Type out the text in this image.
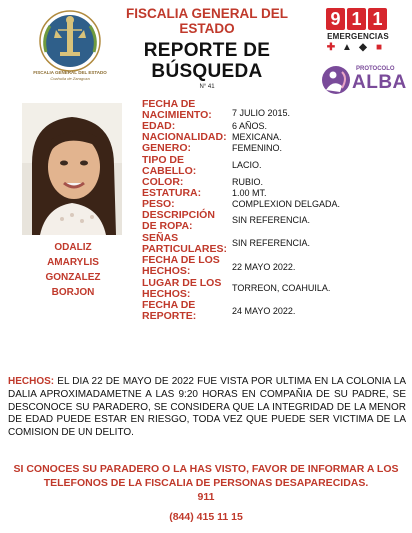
FISCALIA GENERAL DEL ESTADO
Coahuila de Zaragoza
FISCALIA GENERAL DEL ESTADO
REPORTE DE
BÚSQUEDA
N° 41
9 1 1
EMERGENCIAS
✚ ▲ ◆ ■
PROTOCOLO
ALBA
ODALIZ
AMARYLIS
GONZALEZ
BORJON
FECHA DE NACIMIENTO:	7 JULIO 2015.
EDAD:	6 AÑOS.
NACIONALIDAD: MEXICANA.
GENERO:	FEMENINO.
TIPO DE CABELLO:	LACIO.
COLOR:	RUBIO.
ESTATURA:	1.00 MT.
PESO:	COMPLEXION DELGADA.
DESCRIPCIÓN DE ROPA:	SIN REFERENCIA.
SEÑAS PARTICULARES: SIN REFERENCIA.
FECHA DE LOS HECHOS:	22 MAYO 2022.
LUGAR DE LOS HECHOS:	TORREON, COAHUILA.
FECHA DE REPORTE:	24 MAYO 2022.
HECHOS: EL DIA 22 DE MAYO DE 2022 FUE VISTA POR ULTIMA EN LA COLONIA LA DALIA APROXIMADAMETNE A LAS 9:20 HORAS EN COMPAÑIA DE SU PADRE, SE DESCONOCE SU PARADERO, SE CONSIDERA QUE LA INTEGRIDAD DE LA MENOR DE EDAD PUEDE ESTAR EN RIESGO, TODA VEZ QUE PUEDE SER VICTIMA DE LA COMISION DE UN DELITO.
SI CONOCES SU PARADERO O LA HAS VISTO, FAVOR DE INFORMAR A LOS TELEFONOS DE LA FISCALIA DE PERSONAS DESAPARECIDAS.
911
(844) 415 11 15
